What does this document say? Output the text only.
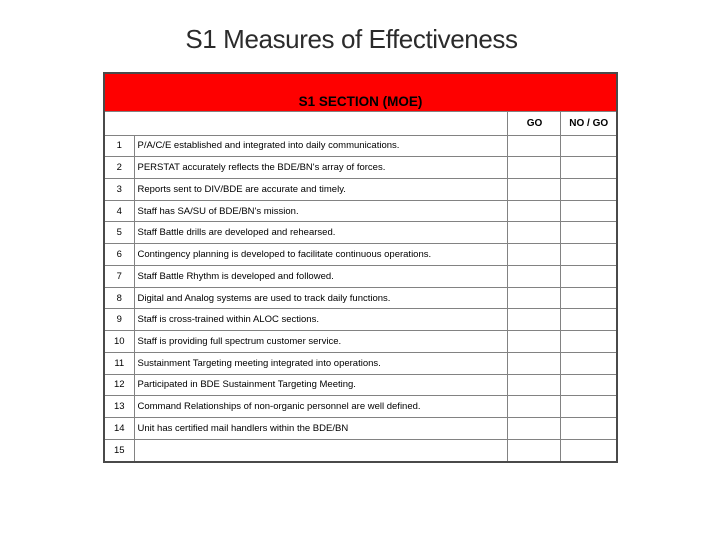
S1 Measures of Effectiveness
S1 SECTION (MOE)			
		GO	NO / GO
1	P/A/C/E established and integrated into daily communications.		
2	PERSTAT accurately reflects the BDE/BN's array of forces.		
3	Reports sent to DIV/BDE are accurate and timely.		
4	Staff has SA/SU of BDE/BN's mission.		
5	Staff Battle drills are developed and rehearsed.		
6	Contingency planning is developed to facilitate continuous operations.		
7	Staff Battle Rhythm is developed and followed.		
8	Digital and Analog systems are used to track daily functions.		
9	Staff is cross-trained within ALOC sections.		
10	Staff is providing full spectrum customer service.		
11	Sustainment Targeting meeting integrated into operations.		
12	Participated in BDE Sustainment Targeting Meeting.		
13	Command Relationships of non-organic personnel are well defined.		
14	Unit has certified mail handlers within the BDE/BN		
15			
